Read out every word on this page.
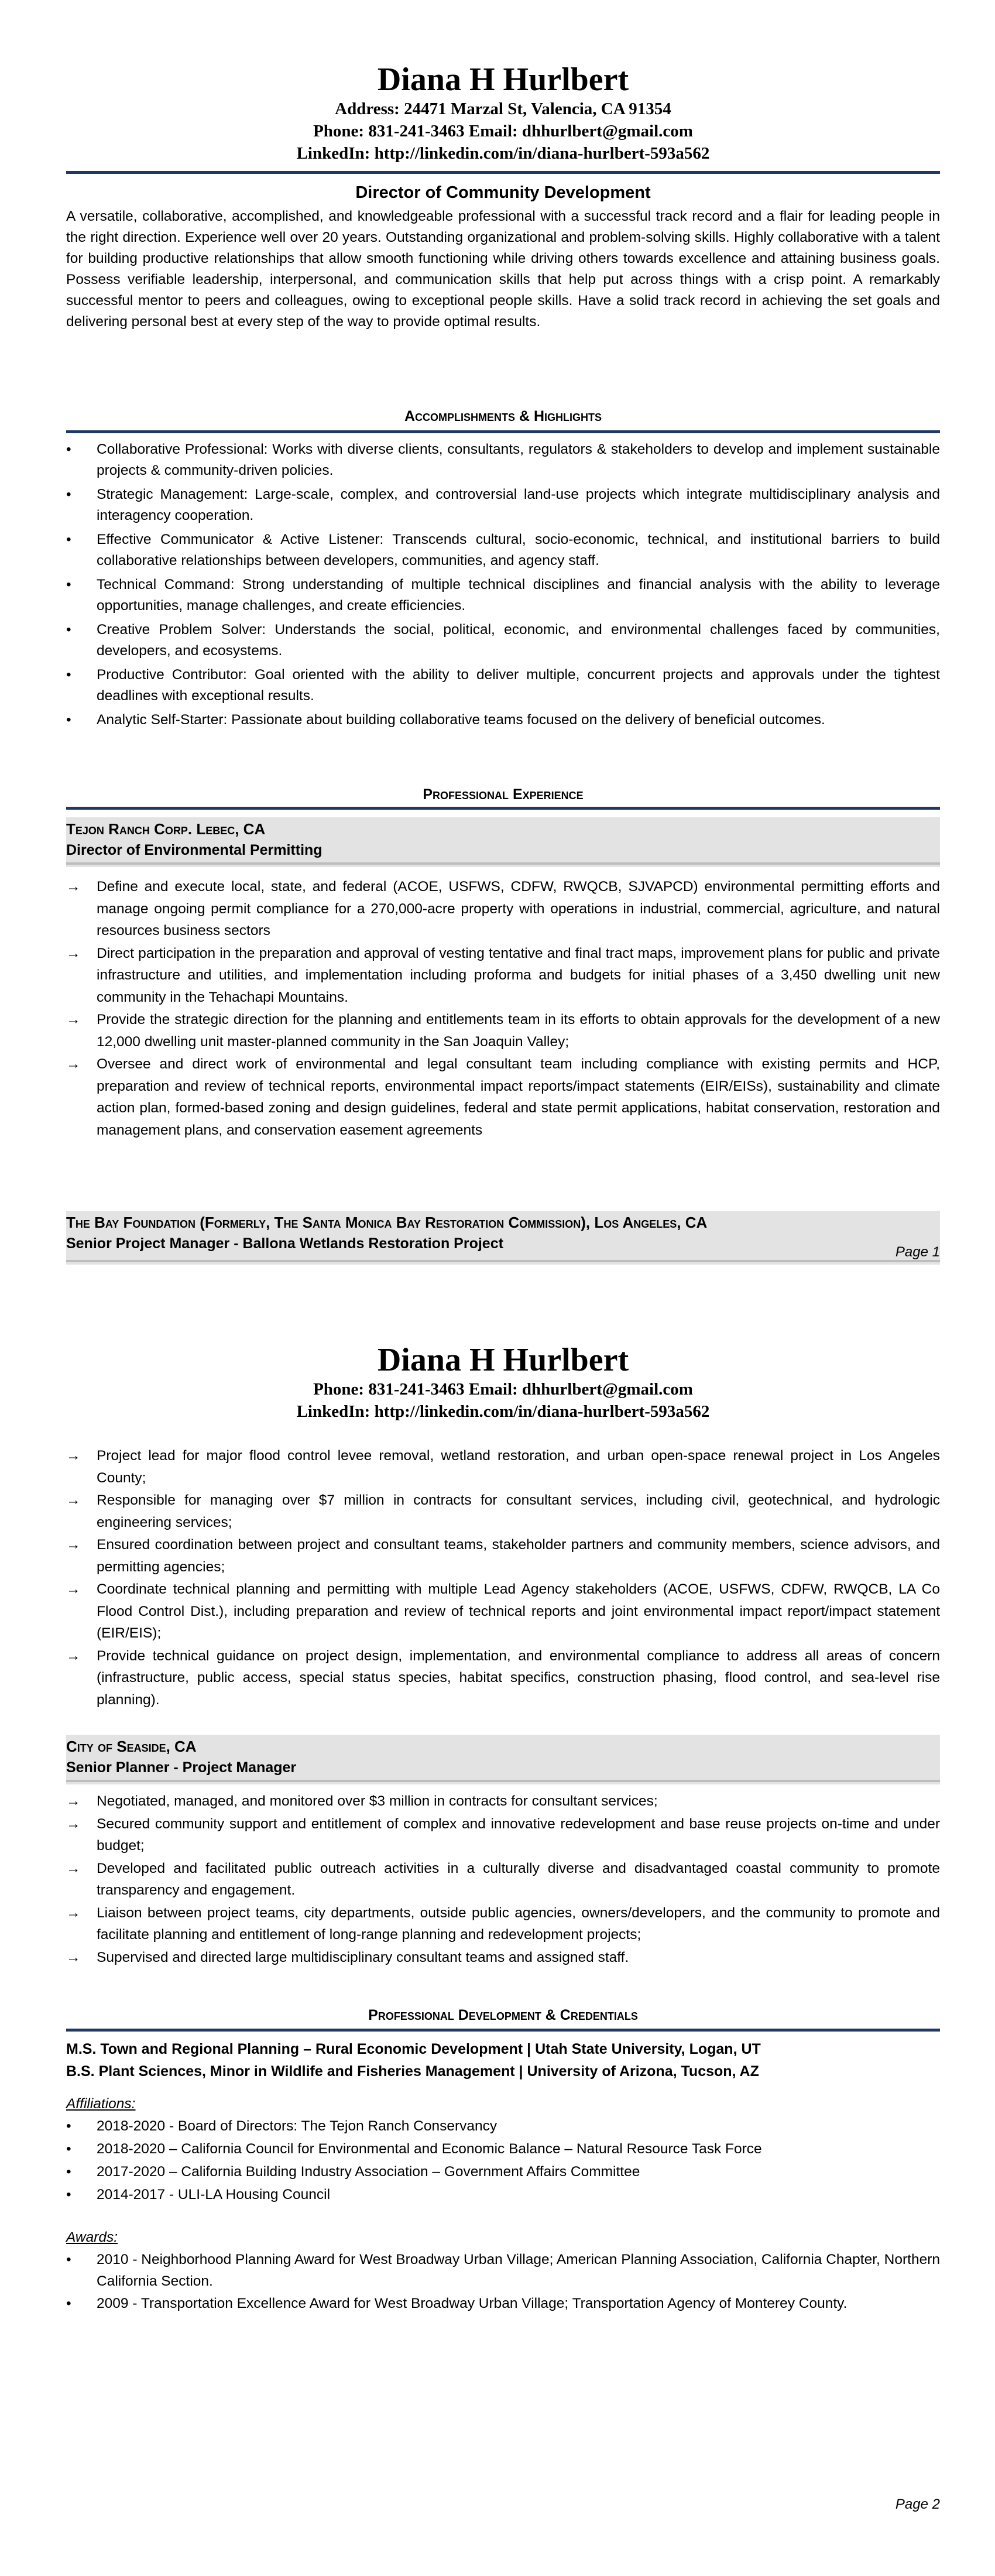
Diana H Hurlbert
Address: 24471 Marzal St, Valencia, CA 91354
Phone: 831-241-3463 Email: dhhurlbert@gmail.com
LinkedIn: http://linkedin.com/in/diana-hurlbert-593a562
Director of Community Development
A versatile, collaborative, accomplished, and knowledgeable professional with a successful track record and a flair for leading people in the right direction. Experience well over 20 years. Outstanding organizational and problem-solving skills. Highly collaborative with a talent for building productive relationships that allow smooth functioning while driving others towards excellence and attaining business goals. Possess verifiable leadership, interpersonal, and communication skills that help put across things with a crisp point. A remarkably successful mentor to peers and colleagues, owing to exceptional people skills. Have a solid track record in achieving the set goals and delivering personal best at every step of the way to provide optimal results.
Accomplishments & Highlights
• Collaborative Professional: Works with diverse clients, consultants, regulators & stakeholders to develop and implement sustainable projects & community-driven policies.
• Strategic Management: Large-scale, complex, and controversial land-use projects which integrate multidisciplinary analysis and interagency cooperation.
• Effective Communicator & Active Listener: Transcends cultural, socio-economic, technical, and institutional barriers to build collaborative relationships between developers, communities, and agency staff.
• Technical Command: Strong understanding of multiple technical disciplines and financial analysis with the ability to leverage opportunities, manage challenges, and create efficiencies.
• Creative Problem Solver: Understands the social, political, economic, and environmental challenges faced by communities, developers, and ecosystems.
• Productive Contributor: Goal oriented with the ability to deliver multiple, concurrent projects and approvals under the tightest deadlines with exceptional results.
• Analytic Self-Starter: Passionate about building collaborative teams focused on the delivery of beneficial outcomes.
Professional Experience
Tejon Ranch Corp. Lebec, CA
Director of Environmental Permitting
→ Define and execute local, state, and federal (ACOE, USFWS, CDFW, RWQCB, SJVAPCD) environmental permitting efforts and manage ongoing permit compliance for a 270,000-acre property with operations in industrial, commercial, agriculture, and natural resources business sectors
→ Direct participation in the preparation and approval of vesting tentative and final tract maps, improvement plans for public and private infrastructure and utilities, and implementation including proforma and budgets for initial phases of a 3,450 dwelling unit new community in the Tehachapi Mountains.
→ Provide the strategic direction for the planning and entitlements team in its efforts to obtain approvals for the development of a new 12,000 dwelling unit master-planned community in the San Joaquin Valley;
→ Oversee and direct work of environmental and legal consultant team including compliance with existing permits and HCP, preparation and review of technical reports, environmental impact reports/impact statements (EIR/EISs), sustainability and climate action plan, formed-based zoning and design guidelines, federal and state permit applications, habitat conservation, restoration and management plans, and conservation easement agreements
The Bay Foundation (Formerly, The Santa Monica Bay Restoration Commission), Los Angeles, CA
Senior Project Manager - Ballona Wetlands Restoration Project
Page 1
Diana H Hurlbert
Phone: 831-241-3463 Email: dhhurlbert@gmail.com
LinkedIn: http://linkedin.com/in/diana-hurlbert-593a562
→ Project lead for major flood control levee removal, wetland restoration, and urban open-space renewal project in Los Angeles County;
→ Responsible for managing over $7 million in contracts for consultant services, including civil, geotechnical, and hydrologic engineering services;
→ Ensured coordination between project and consultant teams, stakeholder partners and community members, science advisors, and permitting agencies;
→ Coordinate technical planning and permitting with multiple Lead Agency stakeholders (ACOE, USFWS, CDFW, RWQCB, LA Co Flood Control Dist.), including preparation and review of technical reports and joint environmental impact report/impact statement (EIR/EIS);
→ Provide technical guidance on project design, implementation, and environmental compliance to address all areas of concern (infrastructure, public access, special status species, habitat specifics, construction phasing, flood control, and sea-level rise planning).
City of Seaside, CA
Senior Planner - Project Manager
→ Negotiated, managed, and monitored over $3 million in contracts for consultant services;
→ Secured community support and entitlement of complex and innovative redevelopment and base reuse projects on-time and under budget;
→ Developed and facilitated public outreach activities in a culturally diverse and disadvantaged coastal community to promote transparency and engagement.
→ Liaison between project teams, city departments, outside public agencies, owners/developers, and the community to promote and facilitate planning and entitlement of long-range planning and redevelopment projects;
→ Supervised and directed large multidisciplinary consultant teams and assigned staff.
Professional Development & Credentials
M.S. Town and Regional Planning – Rural Economic Development | Utah State University, Logan, UT
B.S. Plant Sciences, Minor in Wildlife and Fisheries Management | University of Arizona, Tucson, AZ
Affiliations:
• 2018-2020 - Board of Directors: The Tejon Ranch Conservancy
• 2018-2020 – California Council for Environmental and Economic Balance – Natural Resource Task Force
• 2017-2020 – California Building Industry Association – Government Affairs Committee
• 2014-2017 - ULI-LA Housing Council
Awards:
• 2010 - Neighborhood Planning Award for West Broadway Urban Village; American Planning Association, California Chapter, Northern California Section.
• 2009 - Transportation Excellence Award for West Broadway Urban Village; Transportation Agency of Monterey County.
Page 2
